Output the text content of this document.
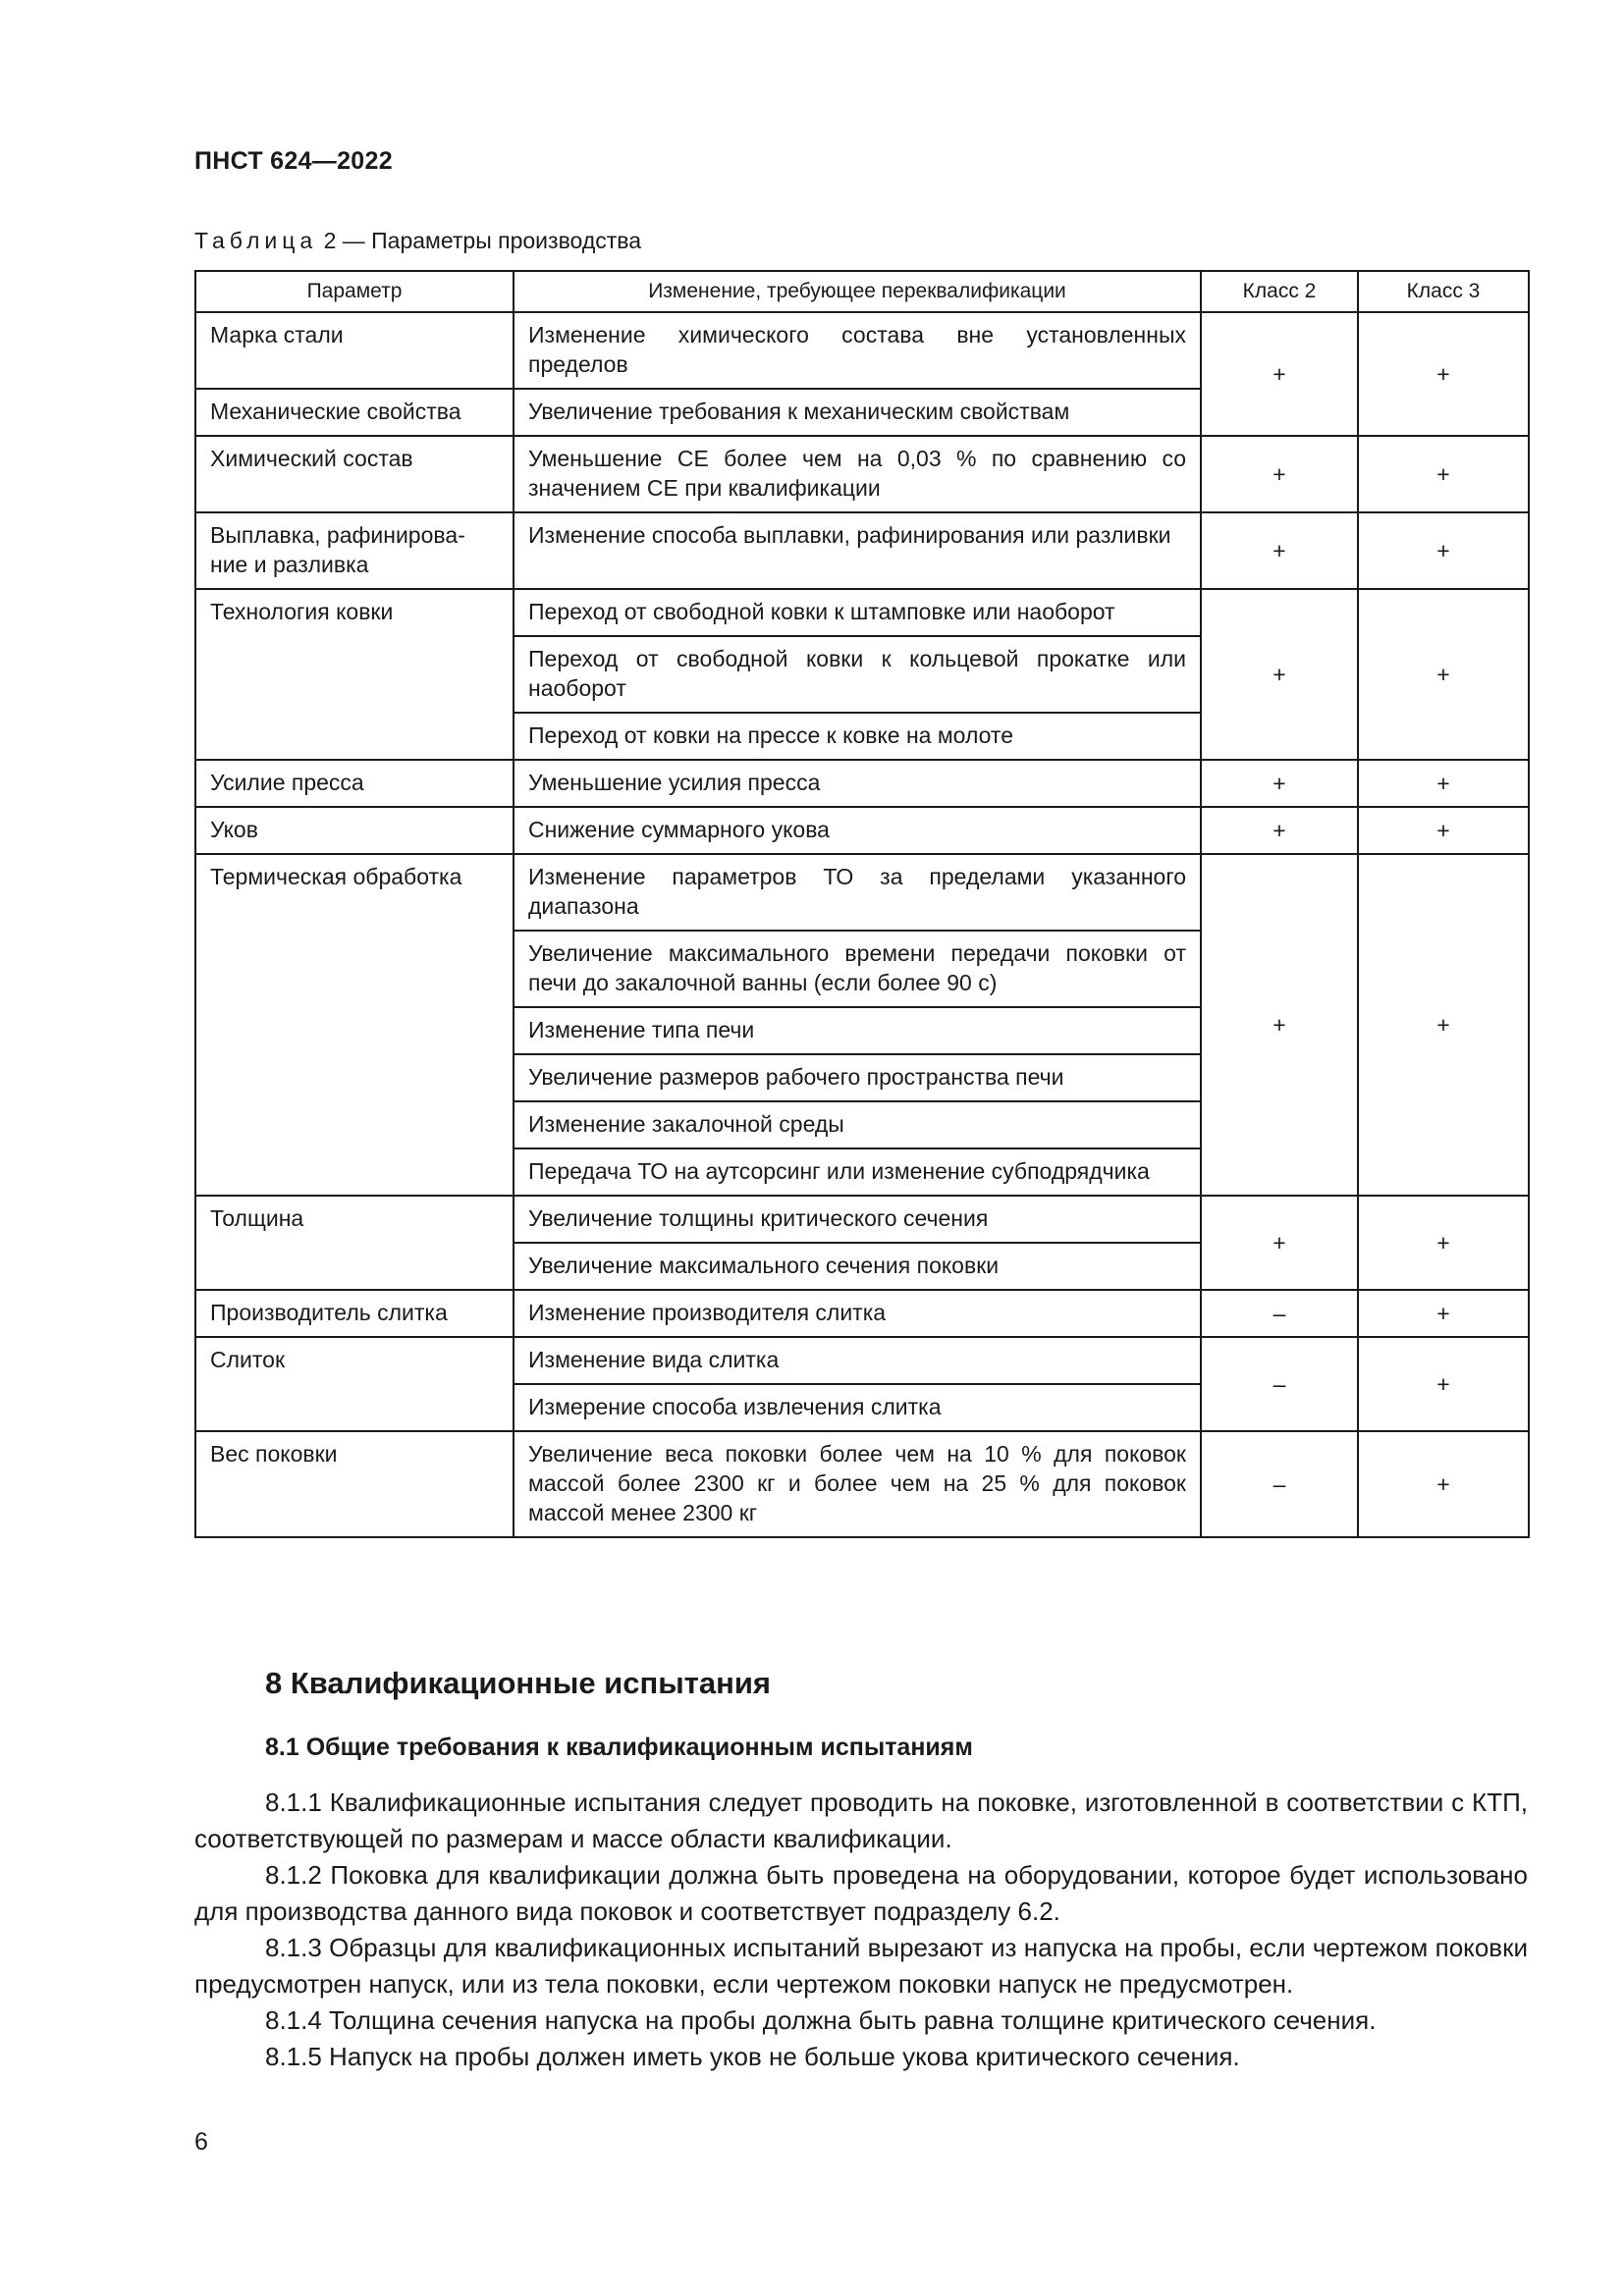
ПНСТ 624—2022
Таблица 2 — Параметры производства
Параметр	Изменение, требующее переквалификации	Класс 2	Класс 3
Марка стали	Изменение химического состава вне установленных пределов	+	+
Механические свойства	Увеличение требования к механическим свойствам		
Химический состав	Уменьшение CE более чем на 0,03 % по сравнению со значением CE при квалификации	+	+
Выплавка, рафинирова-ние и разливка	Изменение способа выплавки, рафинирования или разливки	+	+
Технология ковки	Переход от свободной ковки к штамповке или наоборот	+	+
	Переход от свободной ковки к кольцевой прокатке или наоборот		
	Переход от ковки на прессе к ковке на молоте		
Усилие пресса	Уменьшение усилия пресса	+	+
Уков	Снижение суммарного укова	+	+
Термическая обработка	Изменение параметров ТО за пределами указанного диапазона	+	+
	Увеличение максимального времени передачи поковки от печи до закалочной ванны (если более 90 с)		
	Изменение типа печи		
	Увеличение размеров рабочего пространства печи		
	Изменение закалочной среды		
	Передача ТО на аутсорсинг или изменение субподрядчика		
Толщина	Увеличение толщины критического сечения	+	+
	Увеличение максимального сечения поковки		
Производитель слитка	Изменение производителя слитка	–	+
Слиток	Изменение вида слитка	–	+
	Измерение способа извлечения слитка		
Вес поковки	Увеличение веса поковки более чем на 10 % для поковок массой более 2300 кг и более чем на 25 % для поковок массой менее 2300 кг	–	+
8 Квалификационные испытания
8.1 Общие требования к квалификационным испытаниям

8.1.1 Квалификационные испытания следует проводить на поковке, изготовленной в соответствии с КТП, соответствующей по размерам и массе области квалификации.

8.1.2 Поковка для квалификации должна быть проведена на оборудовании, которое будет использовано для производства данного вида поковок и соответствует подразделу 6.2.

8.1.3 Образцы для квалификационных испытаний вырезают из напуска на пробы, если чертежом поковки предусмотрен напуск, или из тела поковки, если чертежом поковки напуск не предусмотрен.

8.1.4 Толщина сечения напуска на пробы должна быть равна толщине критического сечения.

8.1.5 Напуск на пробы должен иметь уков не больше укова критического сечения.

6
